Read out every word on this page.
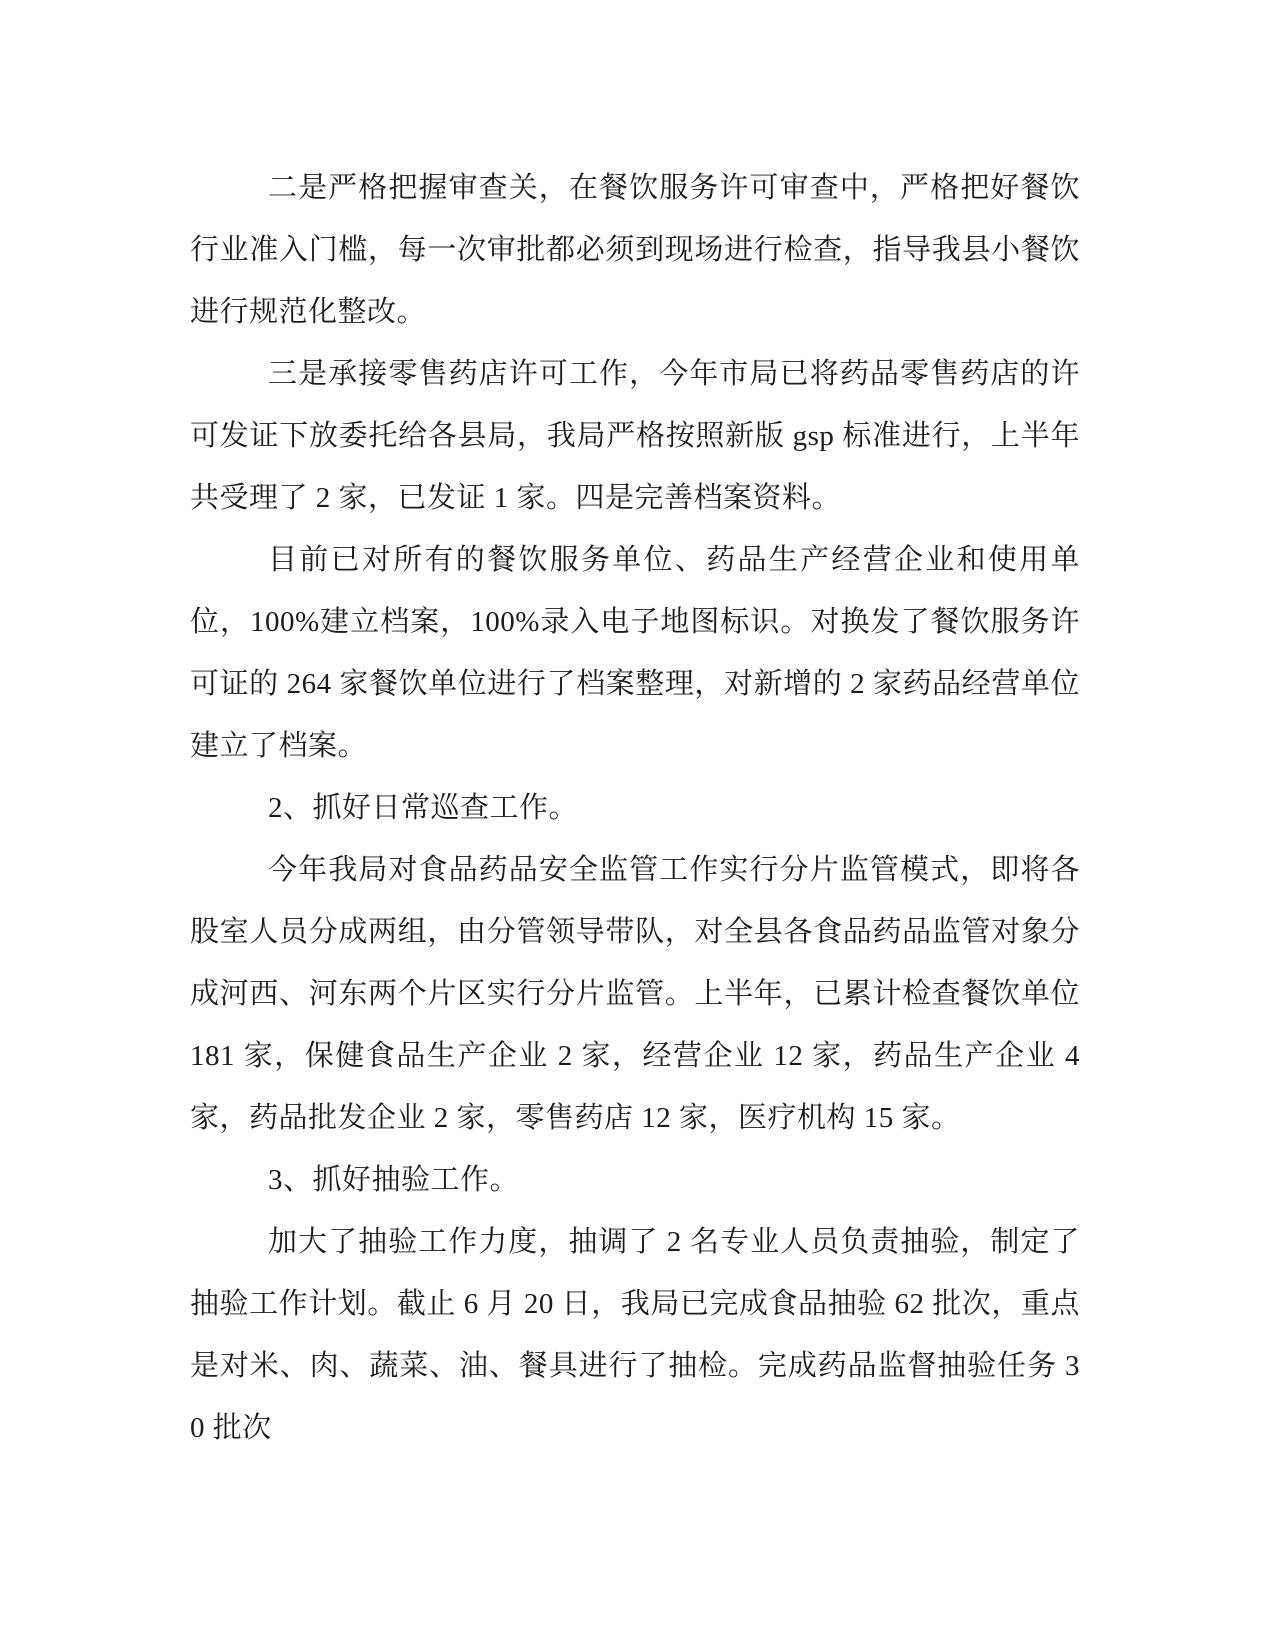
二是严格把握审查关，在餐饮服务许可审查中，严格把好餐饮行业准入门槛，每一次审批都必须到现场进行检查，指导我县小餐饮进行规范化整改。

三是承接零售药店许可工作，今年市局已将药品零售药店的许可发证下放委托给各县局，我局严格按照新版 gsp 标准进行，上半年共受理了 2 家，已发证 1 家。四是完善档案资料。

目前已对所有的餐饮服务单位、药品生产经营企业和使用单位，100%建立档案，100%录入电子地图标识。对换发了餐饮服务许可证的 264 家餐饮单位进行了档案整理，对新增的 2 家药品经营单位建立了档案。

2、抓好日常巡查工作。

今年我局对食品药品安全监管工作实行分片监管模式，即将各股室人员分成两组，由分管领导带队，对全县各食品药品监管对象分成河西、河东两个片区实行分片监管。上半年，已累计检查餐饮单位 181 家，保健食品生产企业 2 家，经营企业 12 家，药品生产企业 4 家，药品批发企业 2 家，零售药店 12 家，医疗机构 15 家。

3、抓好抽验工作。

加大了抽验工作力度，抽调了 2 名专业人员负责抽验，制定了抽验工作计划。截止 6 月 20 日，我局已完成食品抽验 62 批次，重点是对米、肉、蔬菜、油、餐具进行了抽检。完成药品监督抽验任务 30 批次
